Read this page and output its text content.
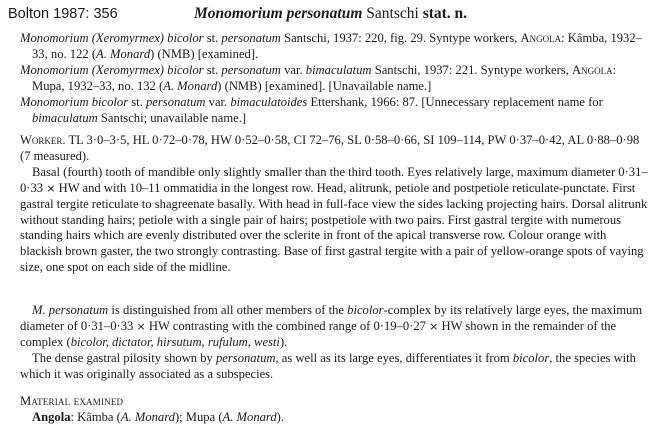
Bolton 1987: 356	Monomorium personatum Santschi stat. n.

Monomorium (Xeromyrmex) bicolor st. personatum Santschi, 1937: 220, fig. 29. Syntype workers, Angola: Kâmba, 1932–33, no. 122 (A. Monard) (NMB) [examined].

Monomorium (Xeromyrmex) bicolor st. personatum var. bimaculatum Santschi, 1937: 221. Syntype workers, Angola: Mupa, 1932–33, no. 132 (A. Monard) (NMB) [examined]. [Unavailable name.]

Monomorium bicolor st. personatum var. bimaculatoides Ettershank, 1966: 87. [Unnecessary replacement name for bimaculatum Santschi; unavailable name.]

Worker. TL 3·0–3·5, HL 0·72–0·78, HW 0·52–0·58, CI 72–76, SL 0·58–0·66, SI 109–114, PW 0·37–0·42, AL 0·88–0·98 (7 measured).

Basal (fourth) tooth of mandible only slightly smaller than the third tooth. Eyes relatively large, maximum diameter 0·31–0·33 × HW and with 10–11 ommatidia in the longest row. Head, alitrunk, petiole and postpetiole reticulate-punctate. First gastral tergite reticulate to shagreenate basally. With head in full-face view the sides lacking projecting hairs. Dorsal alitrunk without standing hairs; petiole with a single pair of hairs; postpetiole with two pairs. First gastral tergite with numerous standing hairs which are evenly distributed over the sclerite in front of the apical transverse row. Colour orange with blackish brown gaster, the two strongly contrasting. Base of first gastral tergite with a pair of yellow-orange spots of vaying size, one spot on each side of the midline.

M. personatum is distinguished from all other members of the bicolor-complex by its relatively large eyes, the maximum diameter of 0·31–0·33 × HW contrasting with the combined range of 0·19–0·27 × HW shown in the remainder of the complex (bicolor, dictator, hirsutum, rufulum, westi).

The dense gastral pilosity shown by personatum, as well as its large eyes, differentiates it from bicolor, the species with which it was originally associated as a subspecies.

Material examined

Angola: Kâmba (A. Monard); Mupa (A. Monard).
